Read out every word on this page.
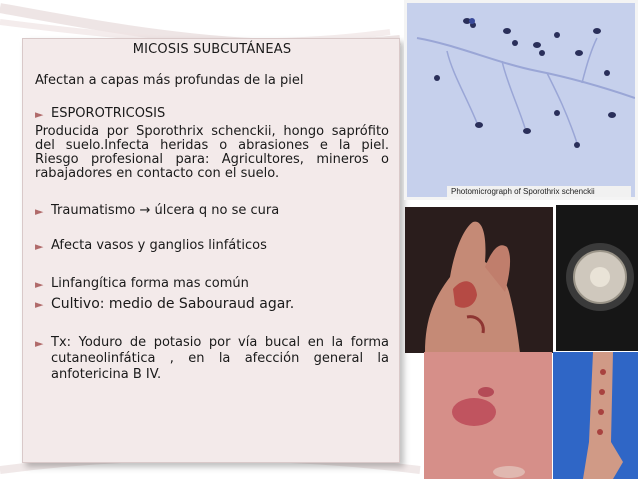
MICOSIS SUBCUTÁNEAS
Afectan a capas más profundas de la piel
► ESPOROTRICOSIS
Producida por Sporothrix schenckii, hongo saprófito del suelo.Infecta heridas o abrasiones e la piel. Riesgo profesional para: Agricultores, mineros o rabajadores en contacto con el suelo.
► Traumatismo → úlcera q no se cura
► Afecta vasos y ganglios linfáticos
► Linfangítica forma mas común
► Cultivo: medio de Sabouraud agar.
► Tx: Yoduro de potasio por vía bucal en la forma cutaneolinfática , en la afección general la anfotericina B IV.
Photomicrograph of Sporothrix schenckii
